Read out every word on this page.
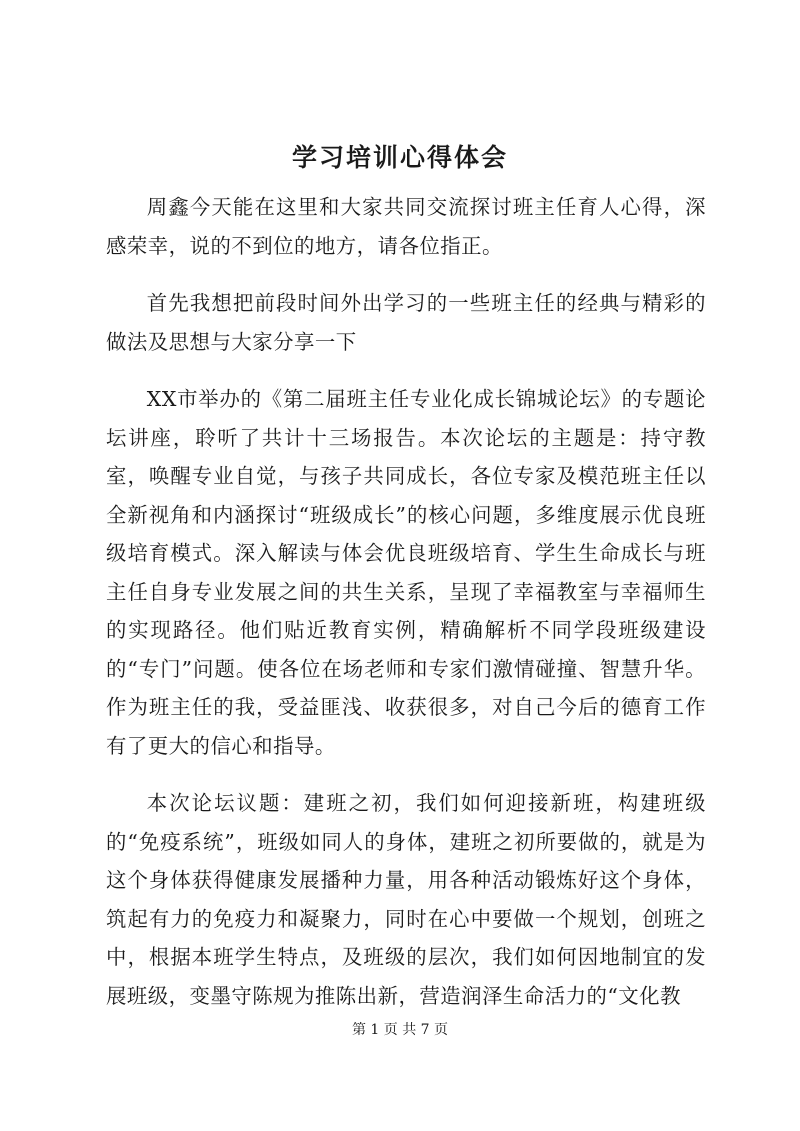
学习培训心得体会

周鑫今天能在这里和大家共同交流探讨班主任育人心得，深感荣幸，说的不到位的地方，请各位指正。

首先我想把前段时间外出学习的一些班主任的经典与精彩的做法及思想与大家分享一下

XX市举办的《第二届班主任专业化成长锦城论坛》的专题论坛讲座，聆听了共计十三场报告。本次论坛的主题是：持守教室，唤醒专业自觉，与孩子共同成长，各位专家及模范班主任以全新视角和内涵探讨“班级成长”的核心问题，多维度展示优良班级培育模式。深入解读与体会优良班级培育、学生生命成长与班主任自身专业发展之间的共生关系，呈现了幸福教室与幸福师生的实现路径。他们贴近教育实例，精确解析不同学段班级建设的“专门”问题。使各位在场老师和专家们激情碰撞、智慧升华。作为班主任的我，受益匪浅、收获很多，对自己今后的德育工作有了更大的信心和指导。

本次论坛议题：建班之初，我们如何迎接新班，构建班级的“免疫系统”，班级如同人的身体，建班之初所要做的，就是为这个身体获得健康发展播种力量，用各种活动锻炼好这个身体，筑起有力的免疫力和凝聚力，同时在心中要做一个规划，创班之中，根据本班学生特点，及班级的层次，我们如何因地制宜的发展班级，变墨守陈规为推陈出新，营造润泽生命活力的“文化教

第 1 页 共 7 页
